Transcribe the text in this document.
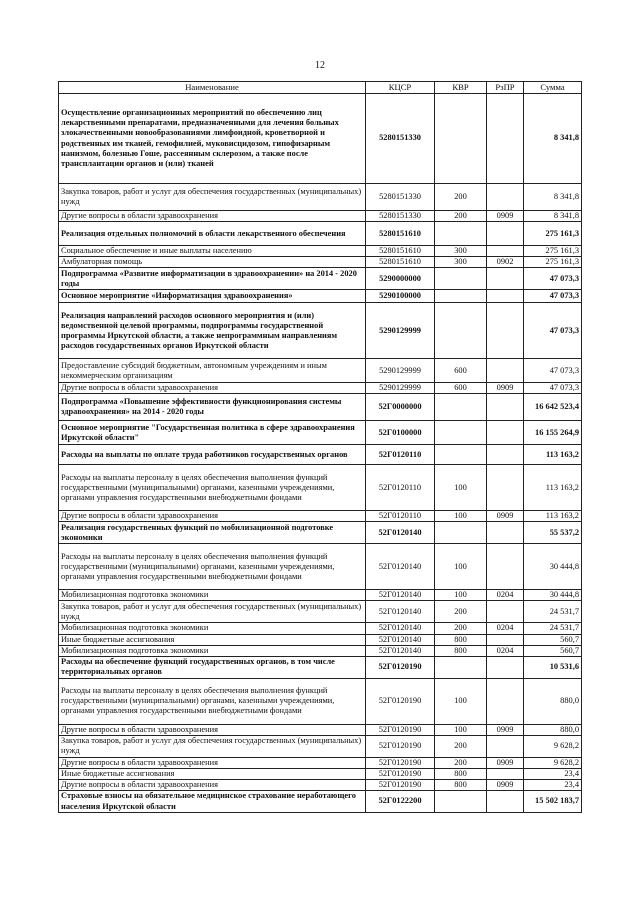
12
Наименование	КЦСР	КВР	РзПР	Сумма
Осуществление организационных мероприятий по обеспечению лиц лекарственными препаратами, предназначенными для лечения больных злокачественными новообразованиями лимфоидной, кроветворной и родственных им тканей, гемофилией, муковисцидозом, гипофизарным нанизмом, болезнью Гоше, рассеянным склерозом, а также после трансплантации органов и (или) тканей	5280151330			8 341,8
Закупка товаров, работ и услуг для обеспечения государственных (муниципальных) нужд	5280151330	200		8 341,8
Другие вопросы в области здравоохранения	5280151330	200	0909	8 341,8
Реализация отдельных полномочий в области лекарственного обеспечения	5280151610			275 161,3
Социальное обеспечение и иные выплаты населению	5280151610	300		275 161,3
Амбулаторная помощь	5280151610	300	0902	275 161,3
Подпрограмма «Развитие информатизации в здравоохранении» на 2014 - 2020 годы	5290000000			47 073,3
Основное мероприятие «Информатизация здравоохранения»	5290100000			47 073,3
Реализация направлений расходов основного мероприятия и (или) ведомственной целевой программы, подпрограммы государственной программы Иркутской области, а также непрограммным направлениям расходов государственных органов Иркутской области	5290129999			47 073,3
Предоставление субсидий бюджетным, автономным учреждениям и иным некоммерческим организациям	5290129999	600		47 073,3
Другие вопросы в области здравоохранения	5290129999	600	0909	47 073,3
Подпрограмма «Повышение эффективности функционирования системы здравоохранения» на 2014 - 2020 годы	52Г0000000			16 642 523,4
Основное мероприятие "Государственная политика в сфере здравоохранения Иркутской области"	52Г0100000			16 155 264,9
Расходы на выплаты по оплате труда работников государственных органов	52Г0120110			113 163,2
Расходы на выплаты персоналу в целях обеспечения выполнения функций государственными (муниципальными) органами, казенными учреждениями, органами управления государственными внебюджетными фондами	52Г0120110	100		113 163,2
Другие вопросы в области здравоохранения	52Г0120110	100	0909	113 163,2
Реализация государственных функций по мобилизационной подготовке экономики	52Г0120140			55 537,2
Расходы на выплаты персоналу в целях обеспечения выполнения функций государственными (муниципальными) органами, казенными учреждениями, органами управления государственными внебюджетными фондами	52Г0120140	100		30 444,8
Мобилизационная подготовка экономики	52Г0120140	100	0204	30 444,8
Закупка товаров, работ и услуг для обеспечения государственных (муниципальных) нужд	52Г0120140	200		24 531,7
Мобилизационная подготовка экономики	52Г0120140	200	0204	24 531,7
Иные бюджетные ассигнования	52Г0120140	800		560,7
Мобилизационная подготовка экономики	52Г0120140	800	0204	560,7
Расходы на обеспечение функций государственных органов, в том числе территориальных органов	52Г0120190			10 531,6
Расходы на выплаты персоналу в целях обеспечения выполнения функций государственными (муниципальными) органами, казенными учреждениями, органами управления государственными внебюджетными фондами	52Г0120190	100		880,0
Другие вопросы в области здравоохранения	52Г0120190	100	0909	880,0
Закупка товаров, работ и услуг для обеспечения государственных (муниципальных) нужд	52Г0120190	200		9 628,2
Другие вопросы в области здравоохранения	52Г0120190	200	0909	9 628,2
Иные бюджетные ассигнования	52Г0120190	800		23,4
Другие вопросы в области здравоохранения	52Г0120190	800	0909	23,4
Страховые взносы на обязательное медицинское страхование неработающего населения Иркутской области	52Г0122200			15 502 183,7
